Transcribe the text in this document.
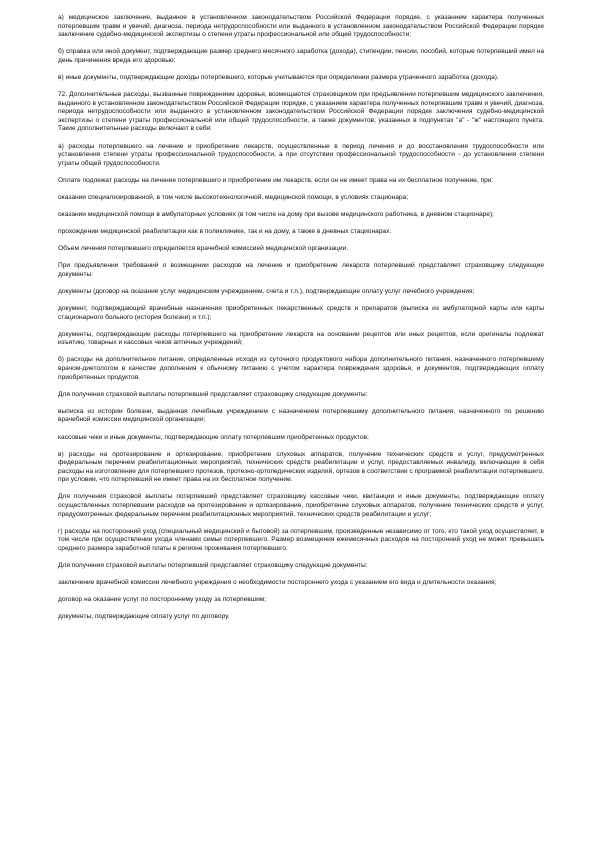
а) медицинское заключение, выданное в установленном законодательством Российской Федерации порядке, с указанием характера полученных потерпевшим травм и увечий, диагноза, периода нетрудоспособности или выданного в установленном законодательством Российской Федерации порядке заключение судебно-медицинской экспертизы о степени утраты профессиональной или общей трудоспособности;

б) справка или иной документ, подтверждающие размер среднего месячного заработка (дохода), стипендии, пенсии, пособий, которые потерпевший имел на день причинения вреда его здоровью;

в) иные документы, подтверждающие доходы потерпевшего, которые учитываются при определении размера утраченного заработка (дохода).

72. Дополнительные расходы, вызванные повреждением здоровья, возмещаются страховщиком при предъявлении потерпевшим медицинского заключения, выданного в установленном законодательством Российской Федерации порядке, с указанием характера полученных потерпевшим травм и увечий, диагноза, периода нетрудоспособности или выданного в установленном законодательством Российской Федерации порядке заключения судебно-медицинской экспертизы о степени утраты профессиональной или общей трудоспособности, а также документов, указанных в подпунктах "а" - "ж" настоящего пункта. Такие дополнительные расходы включают в себя:

а) расходы потерпевшего на лечение и приобретение лекарств, осуществленные в период лечения и до восстановления трудоспособности или установления степени утраты профессиональной трудоспособности, а при отсутствии профессиональной трудоспособности - до установления степени утраты общей трудоспособности.

Оплате подлежат расходы на лечение потерпевшего и приобретение им лекарств, если он не имеет права на их бесплатное получение, при:

оказании специализированной, в том числе высокотехнологичной, медицинской помощи, в условиях стационара;

оказании медицинской помощи в амбулаторных условиях (в том числе на дому при вызове медицинского работника, в дневном стационаре);

прохождении медицинской реабилитации как в поликлинике, так и на дому, а также в дневных стационарах.

Объем лечения потерпевшего определяется врачебной комиссией медицинской организации.

При предъявлении требований о возмещении расходов на лечение и приобретение лекарств потерпевший представляет страховщику следующие документы:

документы (договор на оказание услуг медицинским учреждением, счета и т.п.), подтверждающие оплату услуг лечебного учреждения;

документ, подтверждающий врачебные назначения приобретенных лекарственных средств и препаратов (выписка из амбулаторной карты или карты стационарного больного (история болезни) и т.п.);

документы, подтверждающие расходы потерпевшего на приобретение лекарств на основании рецептов или иных рецептов, если оригиналы подлежат изъятию, товарных и кассовых чеков аптечных учреждений;

б) расходы на дополнительное питание, определенные исходя из суточного продуктового набора дополнительного питания, назначенного потерпевшему врачом-диетологом в качестве дополнения к обычному питанию с учетом характера повреждения здоровья, и документов, подтверждающих оплату приобретенных продуктов.

Для получения страховой выплаты потерпевший представляет страховщику следующие документы:

выписка из истории болезни, выданная лечебным учреждением с назначением потерпевшему дополнительного питания, назначенного по решению врачебной комиссии медицинской организации;

кассовые чеки и иные документы, подтверждающие оплату потерпевшим приобретенных продуктов;

в) расходы на протезирование и ортезирование, приобретение слуховых аппаратов, получение технических средств и услуг, предусмотренных федеральным перечнем реабилитационных мероприятий, технических средств реабилитации и услуг, предоставляемых инвалиду, включающие в себя расходы на изготовление для потерпевшего протезов, протезно-ортопедических изделий, ортезов в соответствии с программой реабилитации потерпевшего, при условии, что потерпевший не имеет права на их бесплатное получение.

Для получения страховой выплаты потерпевший представляет страховщику кассовые чеки, квитанции и иные документы, подтверждающие оплату осуществленных потерпевшим расходов на протезирование и ортезирование, приобретение слуховых аппаратов, получение технических средств и услуг, предусмотренных федеральным перечнем реабилитационных мероприятий, технических средств реабилитации и услуг;

г) расходы на посторонний уход (специальный медицинский и бытовой) за потерпевшим, произведенные независимо от того, кто такой уход осуществляет, в том числе при осуществлении ухода членами семьи потерпевшего. Размер возмещения ежемесячных расходов на посторонний уход не может превышать среднего размера заработной платы в регионе проживания потерпевшего.

Для получения страховой выплаты потерпевший представляет страховщику следующие документы:

заключение врачебной комиссии лечебного учреждения о необходимости постороннего ухода с указанием его вида и длительности оказания;

договор на оказание услуг по постороннему уходу за потерпевшим;

документы, подтверждающие оплату услуг по договору.
